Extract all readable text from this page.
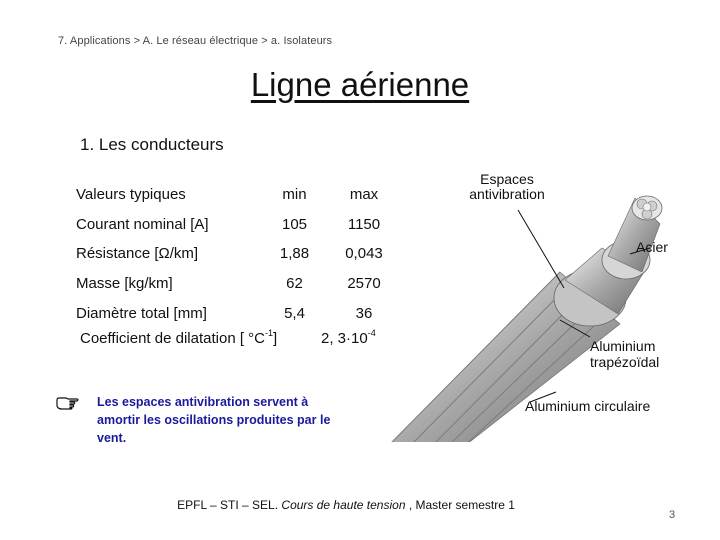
7. Applications > A. Le réseau électrique > a. Isolateurs
Ligne aérienne
1. Les conducteurs
Valeurs typiques	min	max
Courant nominal [A]	105	1150
Résistance [Ω/km]	1,88	0,043
Masse [kg/km]	62	2570
Diamètre total [mm]	5,4	36
Coefficient de dilatation [ $^\circ C^{-1}$]	2, $3\cdot 10^{-4}$
Les espaces antivibration servent à amortir les oscillations produites par le vent.
Espaces
antivibration
Acier
Aluminium
trapézoïdal
Aluminium circulaire
EPFL – STI – SEL. Cours de haute tension , Master semestre 1
3
